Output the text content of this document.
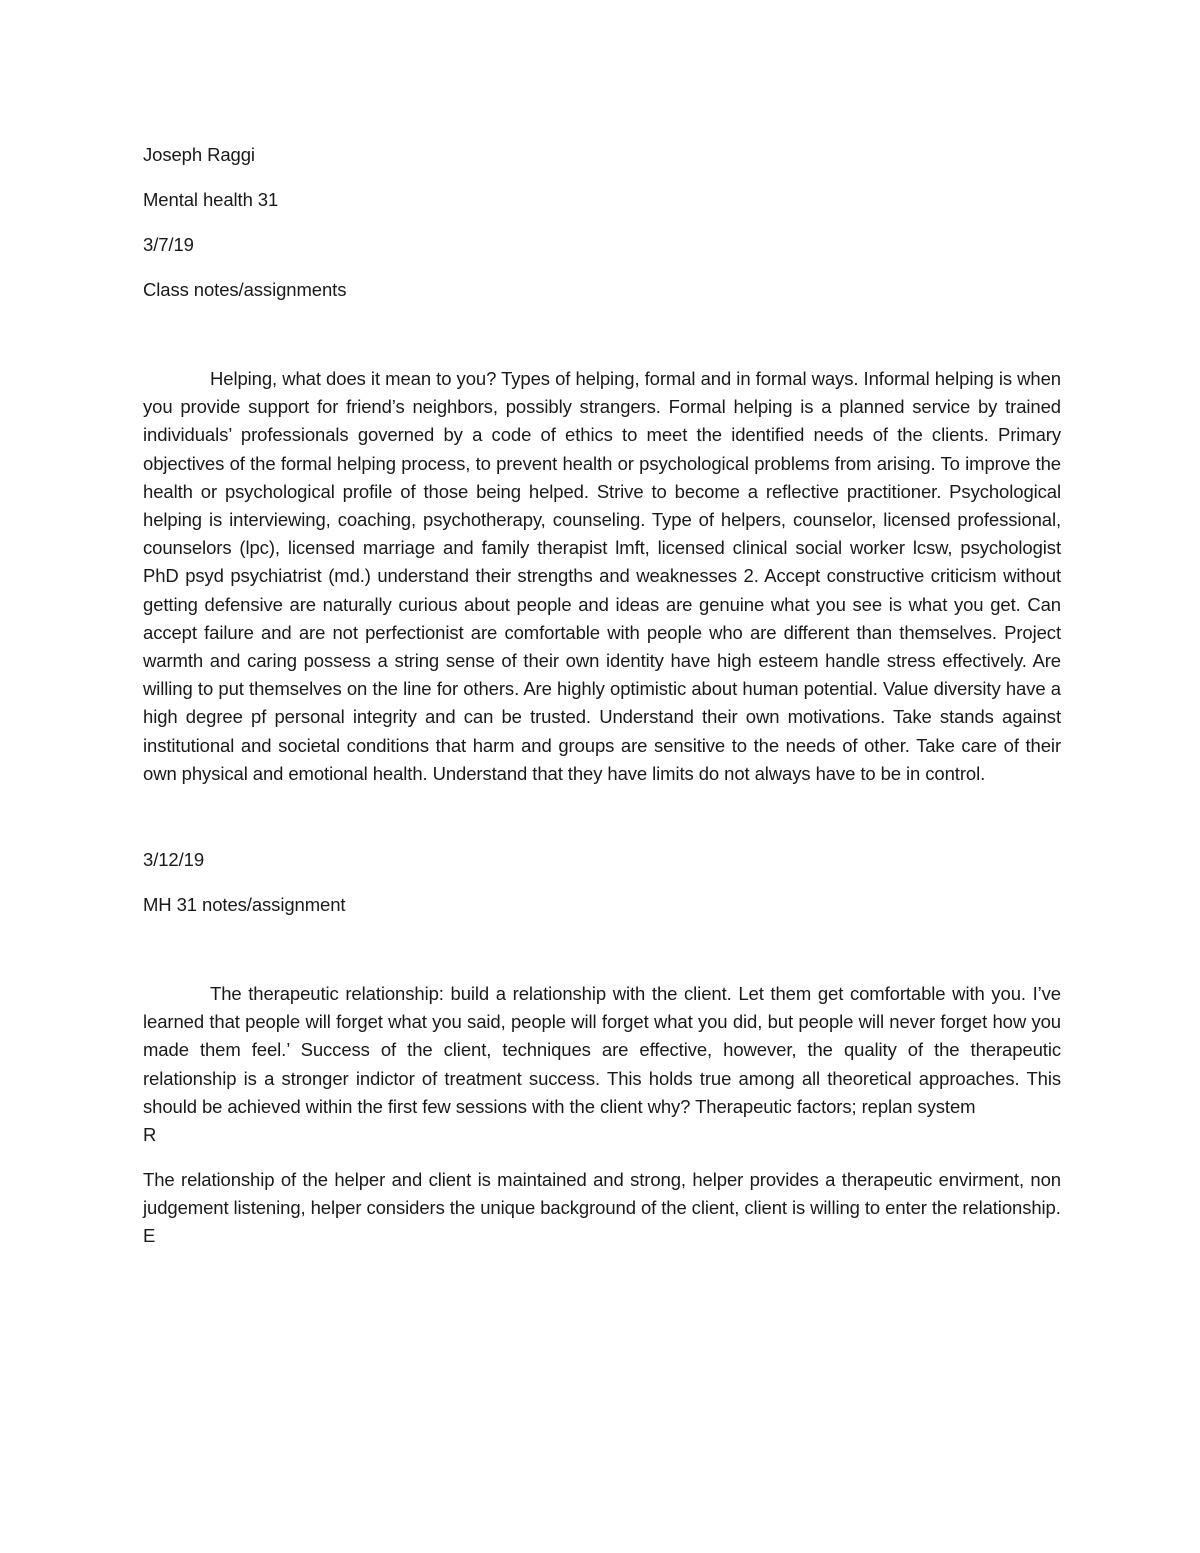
Joseph Raggi

Mental health 31

3/7/19

Class notes/assignments

Helping, what does it mean to you? Types of helping, formal and in formal ways. Informal helping is when you provide support for friend’s neighbors, possibly strangers. Formal helping is a planned service by trained individuals’ professionals governed by a code of ethics to meet the identified needs of the clients. Primary objectives of the formal helping process, to prevent health or psychological problems from arising. To improve the health or psychological profile of those being helped. Strive to become a reflective practitioner. Psychological helping is interviewing, coaching, psychotherapy, counseling. Type of helpers, counselor, licensed professional, counselors (lpc), licensed marriage and family therapist lmft, licensed clinical social worker lcsw, psychologist PhD psyd psychiatrist (md.) understand their strengths and weaknesses 2. Accept constructive criticism without getting defensive are naturally curious about people and ideas are genuine what you see is what you get. Can accept failure and are not perfectionist are comfortable with people who are different than themselves. Project warmth and caring possess a string sense of their own identity have high esteem handle stress effectively. Are willing to put themselves on the line for others. Are highly optimistic about human potential. Value diversity have a high degree pf personal integrity and can be trusted. Understand their own motivations. Take stands against institutional and societal conditions that harm and groups are sensitive to the needs of other. Take care of their own physical and emotional health. Understand that they have limits do not always have to be in control.

3/12/19

MH 31 notes/assignment

The therapeutic relationship: build a relationship with the client. Let them get comfortable with you. I’ve learned that people will forget what you said, people will forget what you did, but people will never forget how you made them feel.’ Success of the client, techniques are effective, however, the quality of the therapeutic relationship is a stronger indictor of treatment success. This holds true among all theoretical approaches. This should be achieved within the first few sessions with the client why? Therapeutic factors; replan system

R

The relationship of the helper and client is maintained and strong, helper provides a therapeutic envirment, non judgement listening, helper considers the unique background of the client, client is willing to enter the relationship.

E
